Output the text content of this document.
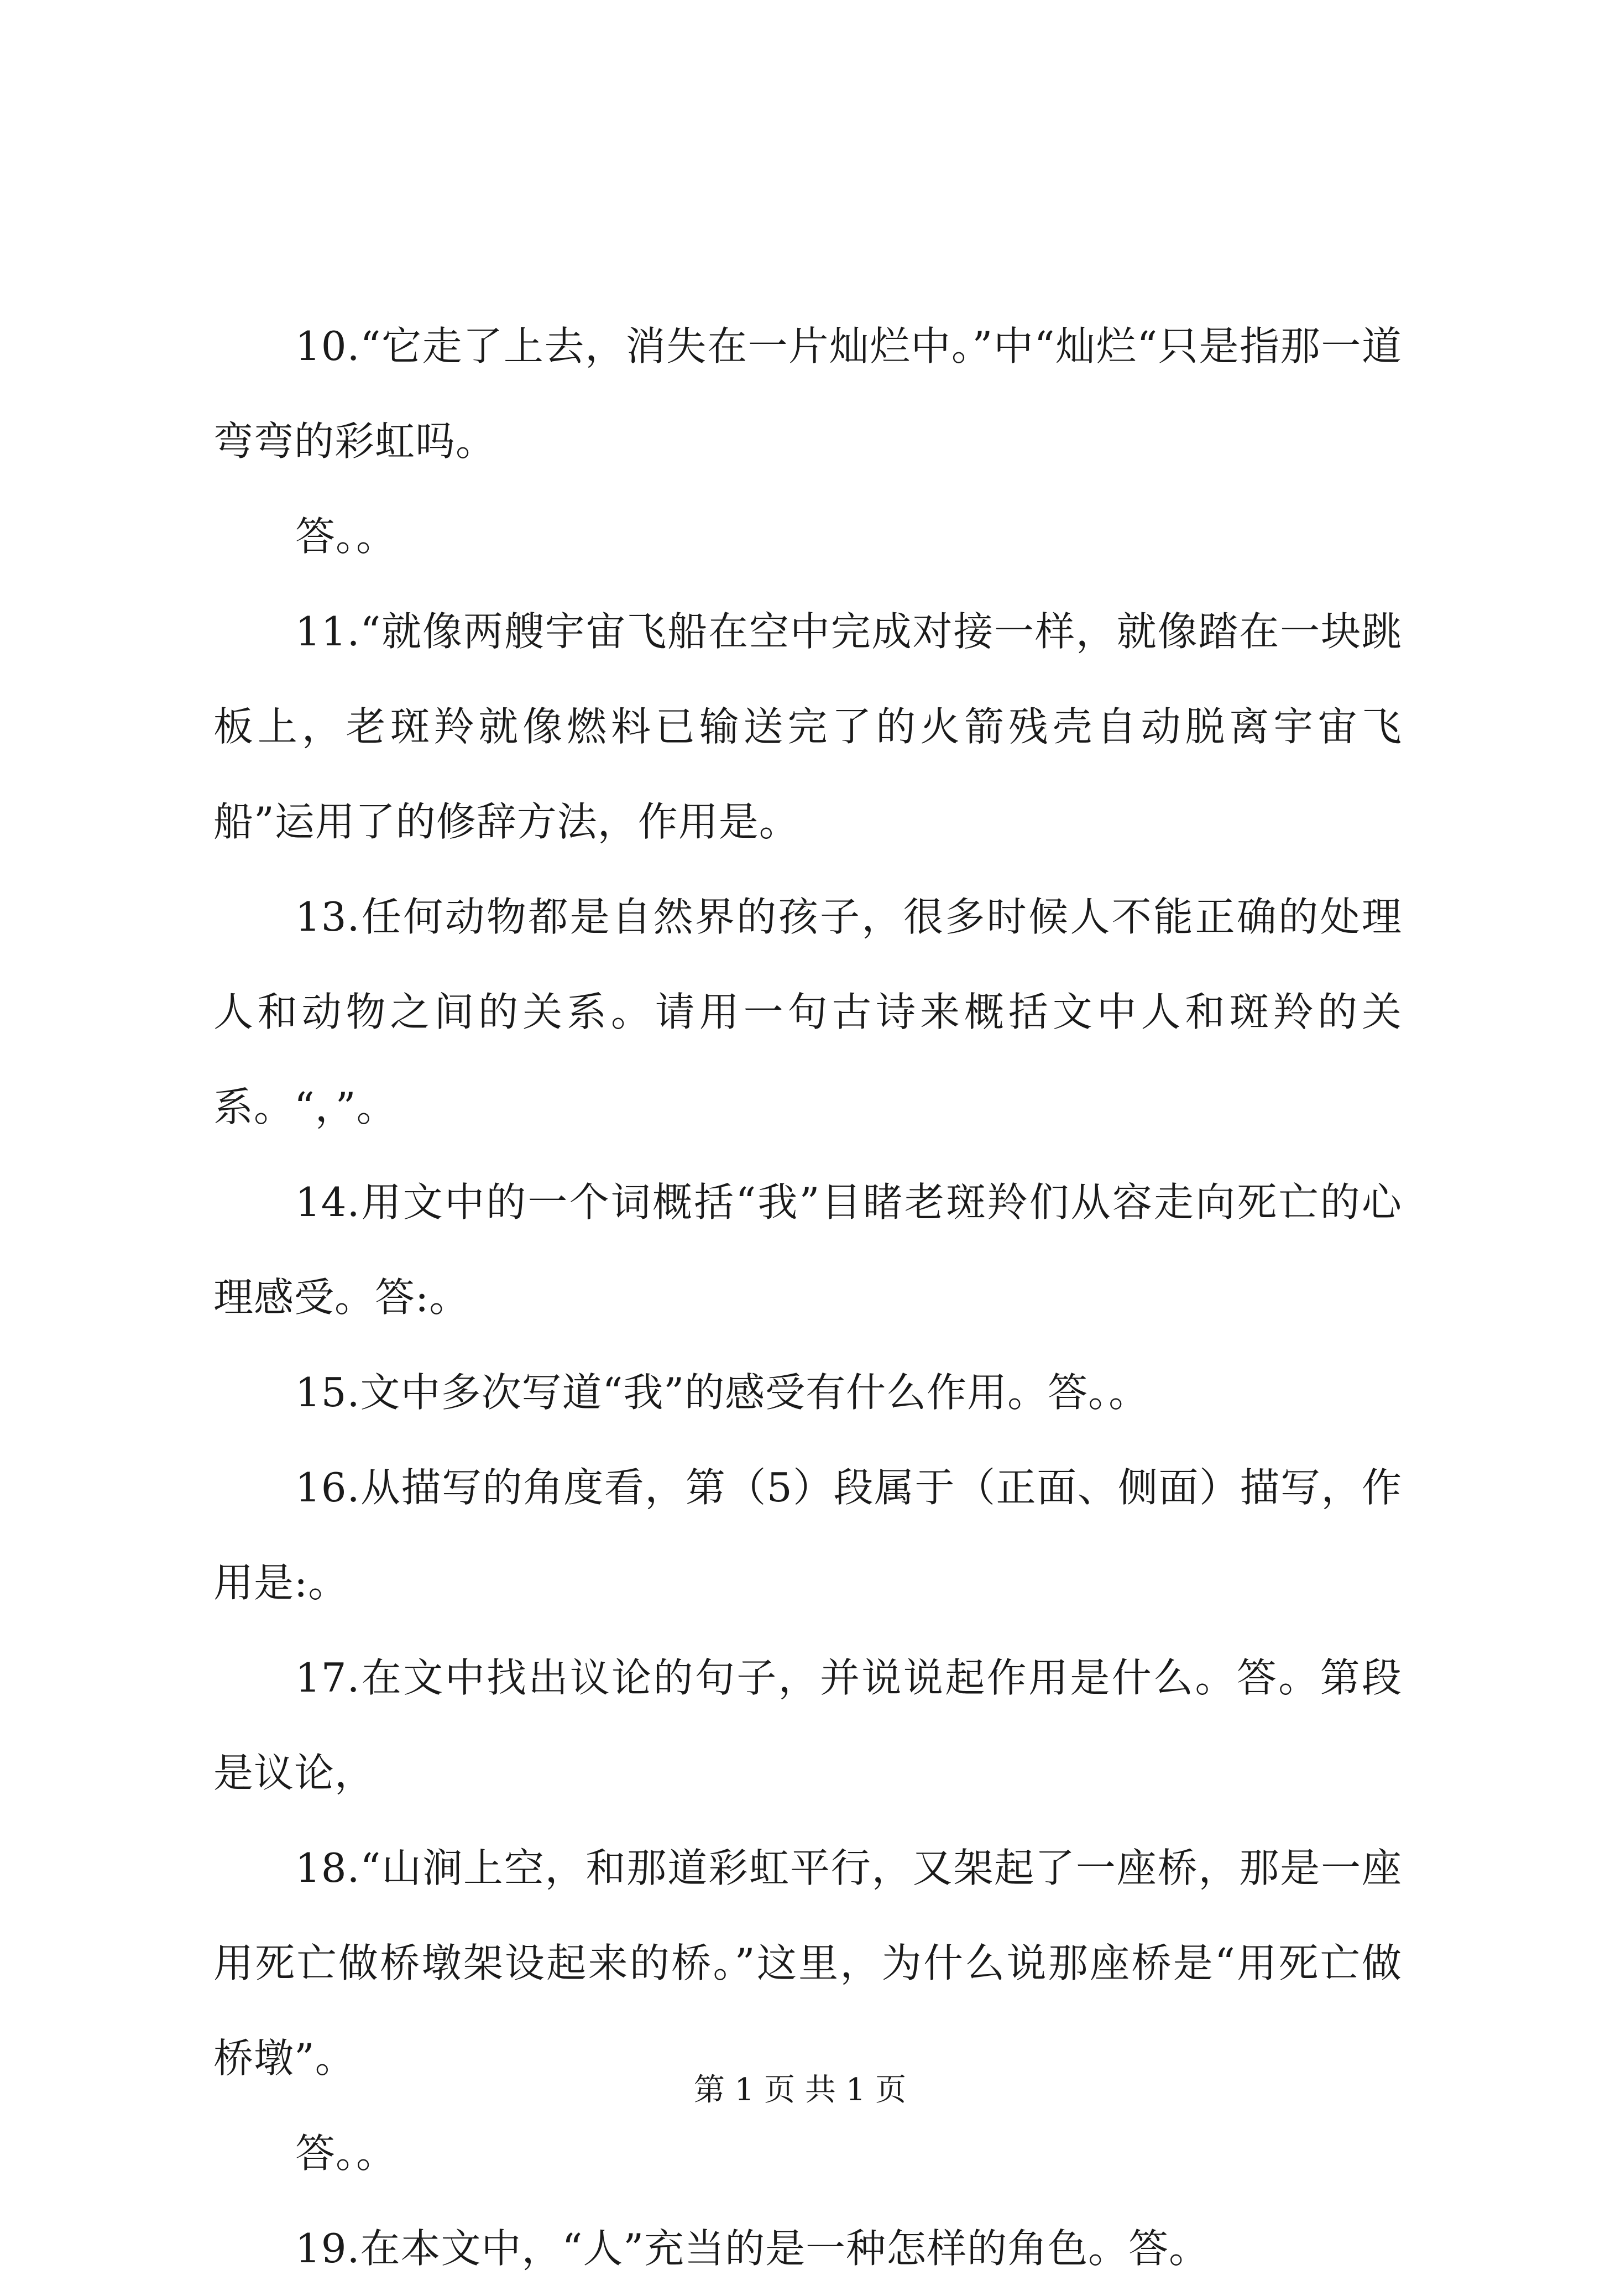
10.“它走了上去，消失在一片灿烂中。”中“灿烂“只是指那一道弯弯的彩虹吗。

答。。

11.“就像两艘宇宙飞船在空中完成对接一样，就像踏在一块跳板上，老斑羚就像燃料已输送完了的火箭残壳自动脱离宇宙飞船”运用了的修辞方法，作用是。

13.任何动物都是自然界的孩子，很多时候人不能正确的处理人和动物之间的关系。请用一句古诗来概括文中人和斑羚的关系。“，”。

14.用文中的一个词概括“我”目睹老斑羚们从容走向死亡的心理感受。答:。

15.文中多次写道“我”的感受有什么作用。答。。

16.从描写的角度看，第（5）段属于（正面、侧面）描写，作用是:。

17.在文中找出议论的句子，并说说起作用是什么。答。第段是议论，

18.“山涧上空，和那道彩虹平行，又架起了一座桥，那是一座用死亡做桥墩架设起来的桥。”这里，为什么说那座桥是“用死亡做桥墩”。

答。。

19.在本文中，“人”充当的是一种怎样的角色。答。

第 1 页 共 1 页
